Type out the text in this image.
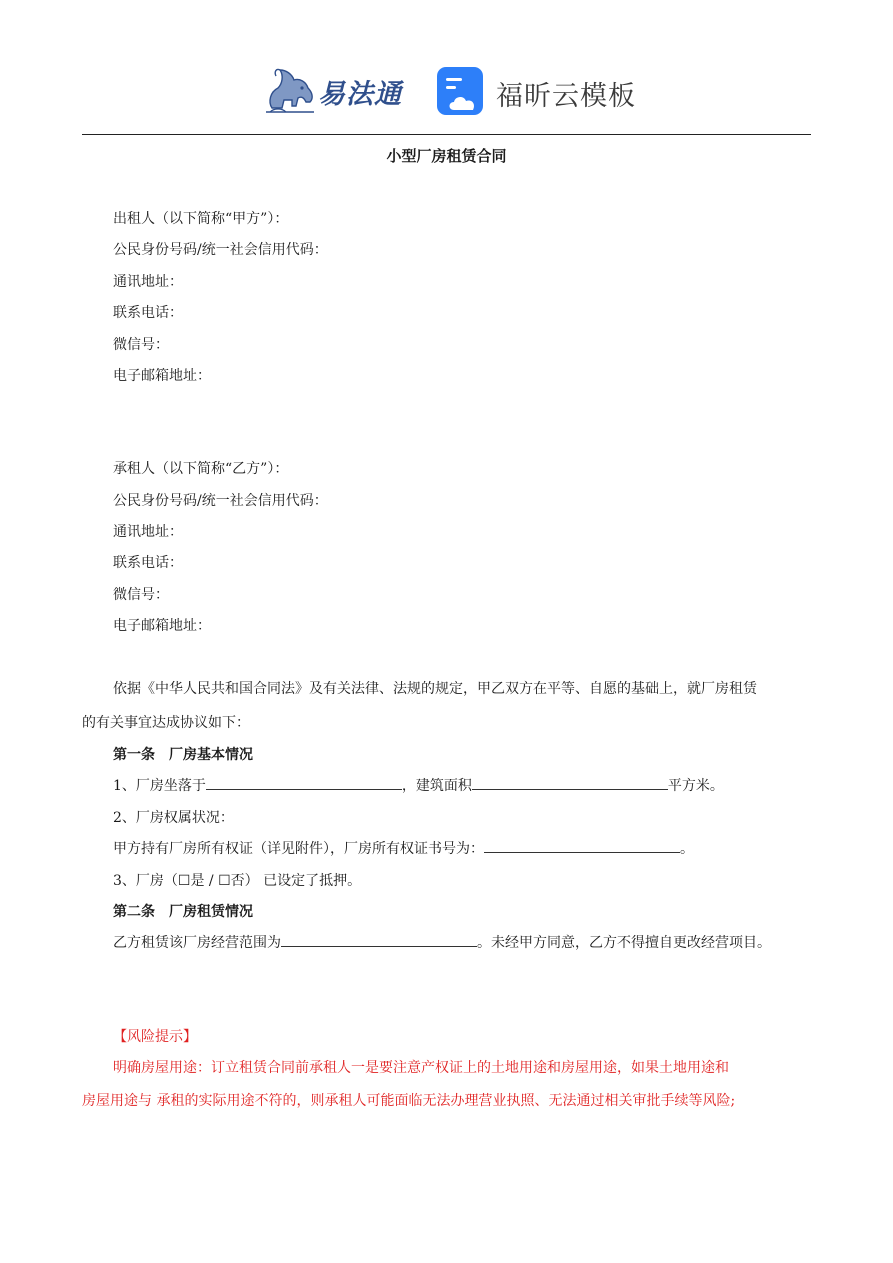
易法通	福昕云模板
小型厂房租赁合同
出租人（以下简称“甲方”）：
公民身份号码/统一社会信用代码：
通讯地址：
联系电话：
微信号：
电子邮箱地址：
承租人（以下简称“乙方”）：
公民身份号码/统一社会信用代码：
通讯地址：
联系电话：
微信号：
电子邮箱地址：
依据《中华人民共和国合同法》及有关法律、法规的规定，甲乙双方在平等、自愿的基础上，就厂房租赁
的有关事宜达成协议如下：
第一条　厂房基本情况
1、厂房坐落于	，建筑面积	平方米。
2、厂房权属状况：
甲方持有厂房所有权证（详见附件），厂房所有权证书号为：	。
3、厂房（☐是 / ☐否） 已设定了抵押。
第二条　厂房租赁情况
乙方租赁该厂房经营范围为	。未经甲方同意，乙方不得擅自更改经营项目。
【风险提示】
明确房屋用途：订立租赁合同前承租人一是要注意产权证上的土地用途和房屋用途，如果土地用途和
房屋用途与 承租的实际用途不符的，则承租人可能面临无法办理营业执照、无法通过相关审批手续等风险;
